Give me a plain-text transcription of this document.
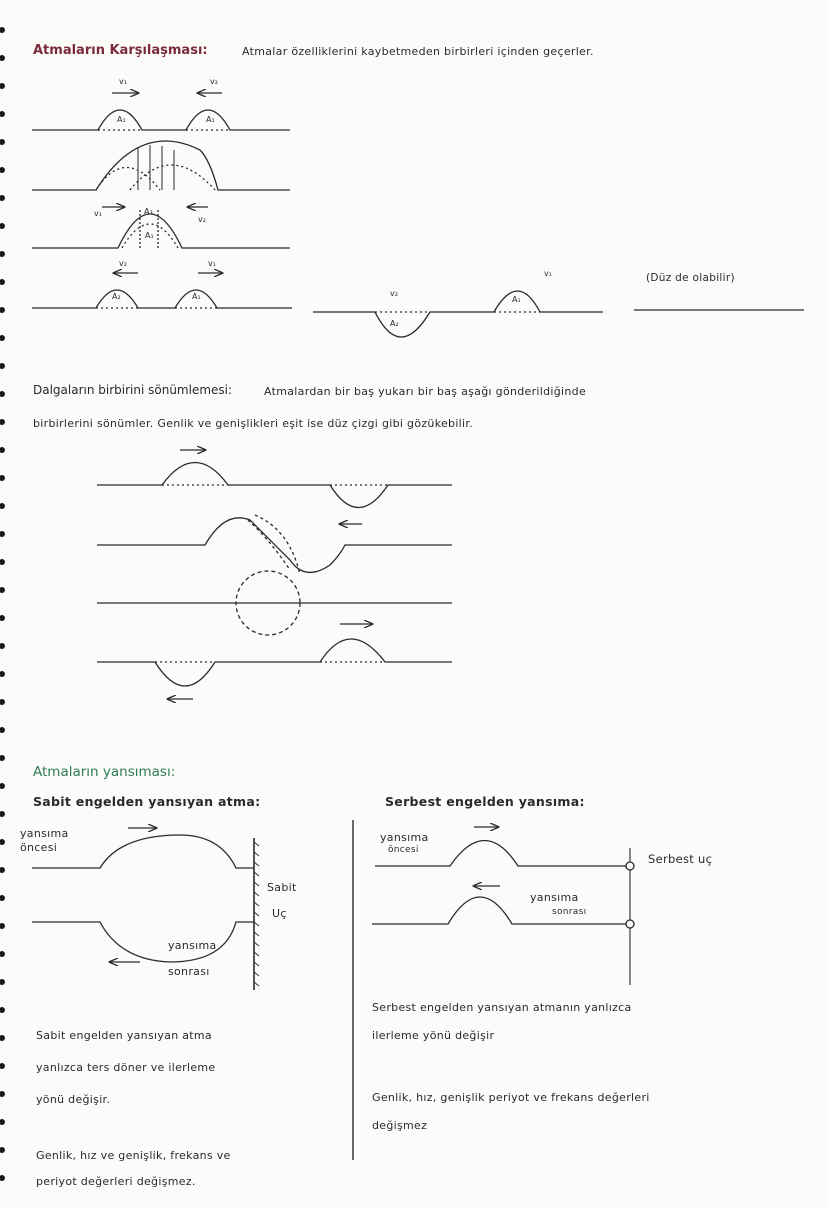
Atmaların Karşılaşması:	Atmalar özelliklerini kaybetmeden birbirleri içinden geçerler.
(Düz de olabilir)
Dalgaların birbirini sönümlemesi:	Atmalardan bir baş yukarı bir baş aşağı gönderildiğinde
birbirlerini sönümler. Genlik ve genişlikleri eşit ise düz çizgi gibi gözükebilir.
Atmaların yansıması:
Sabit engelden yansıyan atma:
yansıma
öncesi
yansıma
sonrası
Sabit
Uç
Sabit engelden yansıyan atma
yanlızca ters döner ve ilerleme
yönü değişir.
Genlik, hız ve genişlik, frekans ve
periyot değerleri değişmez.
Serbest engelden yansıma:
yansıma
öncesi
yansıma
sonrası
Serbest uç
Serbest engelden yansıyan atmanın yanlızca
ilerleme yönü değişir
Genlik, hız, genişlik periyot ve frekans değerleri
değişmez
A₁	A₁
v₁	v₂
v₁
v₂
A₃
A₁
A₂	A₁
v₂	v₁
v₂
A₂
v₁
A₁
